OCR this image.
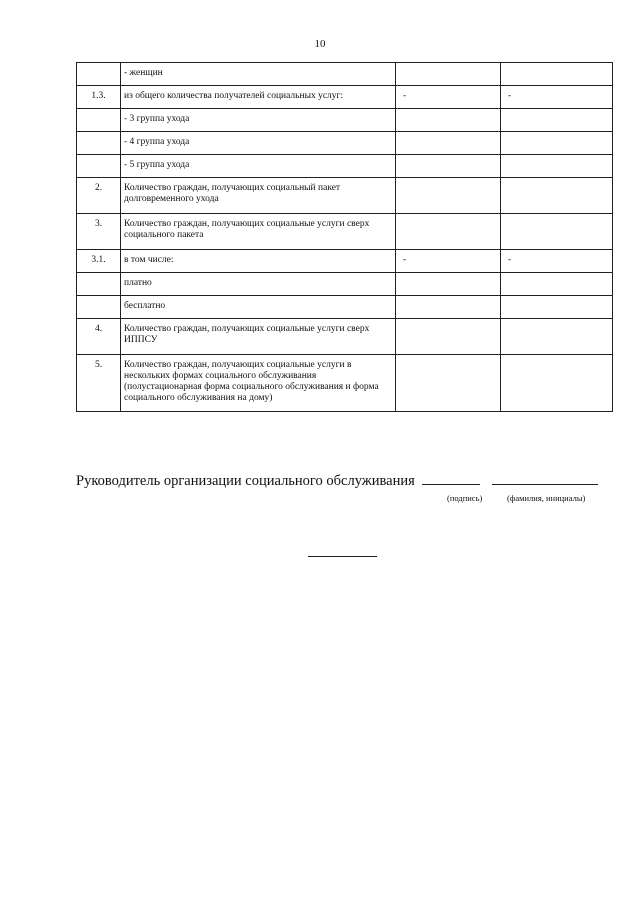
10
	- женщин		
1.3.	из общего количества получателей социальных услуг:	-	-
	- 3 группа ухода		
	- 4 группа ухода		
	- 5 группа ухода		
2.	Количество граждан, получающих социальный пакет долговременного ухода		
3.	Количество граждан, получающих социальные услуги сверх социального пакета		
3.1.	в том числе:	-	-
	платно		
	бесплатно		
4.	Количество граждан, получающих социальные услуги сверх ИППСУ		
5.	Количество граждан, получающих социальные услуги в нескольких формах социального обслуживания (полустационарная форма социального обслуживания и форма социального обслуживания на дому)		
Руководитель организации социального обслуживания
(подпись)	(фамилия, инициалы)
